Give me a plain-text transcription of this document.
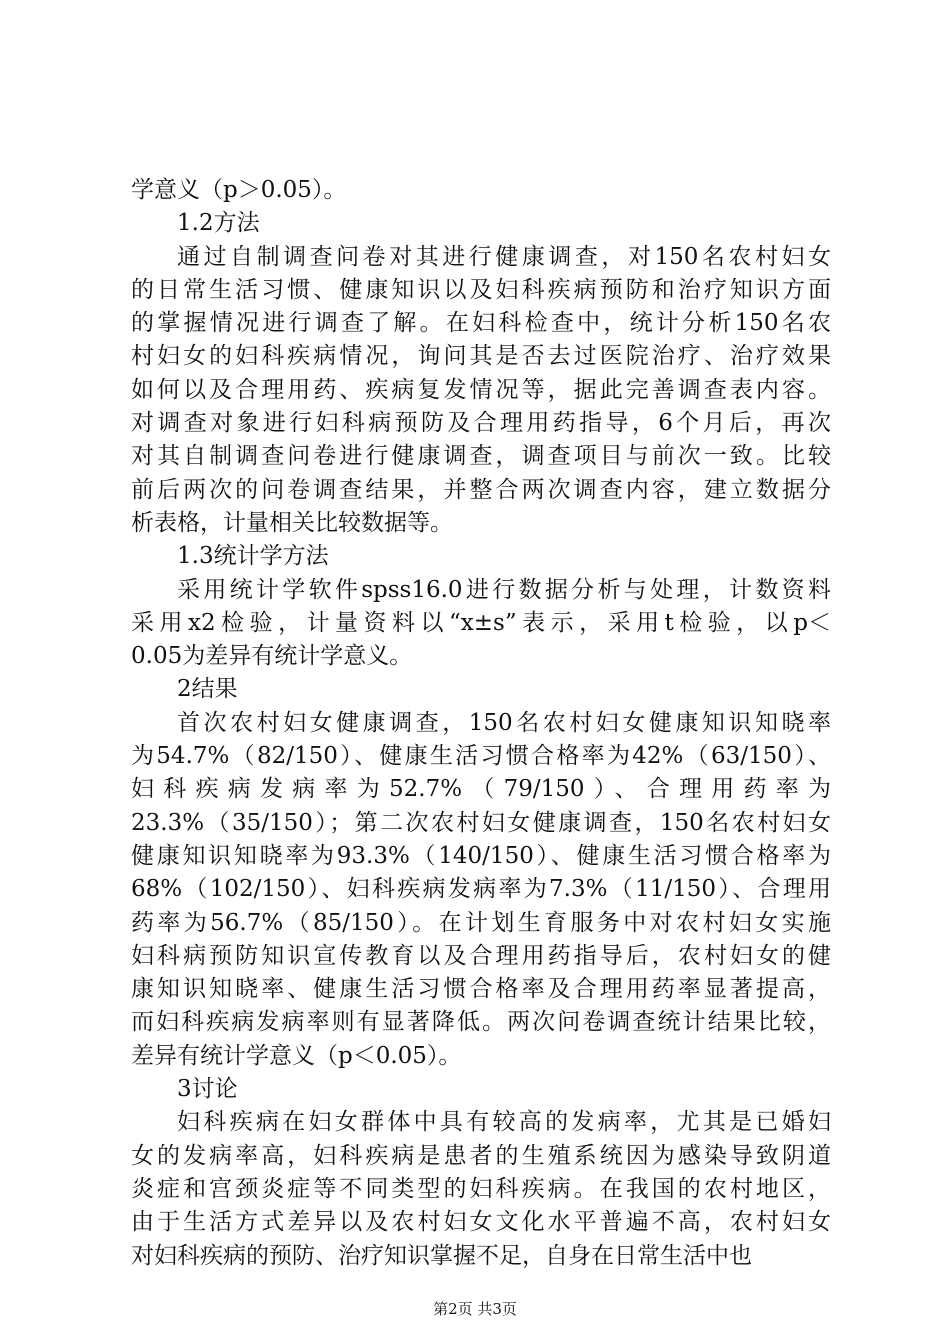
学意义（p＞0.05）。
1.2方法
通过自制调查问卷对其进行健康调查，对150名农村妇女
的日常生活习惯、健康知识以及妇科疾病预防和治疗知识方面
的掌握情况进行调查了解。在妇科检查中，统计分析150名农
村妇女的妇科疾病情况，询问其是否去过医院治疗、治疗效果
如何以及合理用药、疾病复发情况等，据此完善调查表内容。
对调查对象进行妇科病预防及合理用药指导，6个月后，再次
对其自制调查问卷进行健康调查，调查项目与前次一致。比较
前后两次的问卷调查结果，并整合两次调查内容，建立数据分
析表格，计量相关比较数据等。
1.3统计学方法
采用统计学软件spss16.0进行数据分析与处理，计数资料
采用x2检验，计量资料以“x±s”表示，采用t检验，以p＜
0.05为差异有统计学意义。
2结果
首次农村妇女健康调查，150名农村妇女健康知识知晓率
为54.7%（82/150）、健康生活习惯合格率为42%（63/150）、
妇科疾病发病率为52.7%（79/150）、合理用药率为
23.3%（35/150）；第二次农村妇女健康调查，150名农村妇女
健康知识知晓率为93.3%（140/150）、健康生活习惯合格率为
68%（102/150）、妇科疾病发病率为7.3%（11/150）、合理用
药率为56.7%（85/150）。在计划生育服务中对农村妇女实施
妇科病预防知识宣传教育以及合理用药指导后，农村妇女的健
康知识知晓率、健康生活习惯合格率及合理用药率显著提高，
而妇科疾病发病率则有显著降低。两次问卷调查统计结果比较，
差异有统计学意义（p＜0.05）。
3讨论
妇科疾病在妇女群体中具有较高的发病率，尤其是已婚妇
女的发病率高，妇科疾病是患者的生殖系统因为感染导致阴道
炎症和宫颈炎症等不同类型的妇科疾病。在我国的农村地区，
由于生活方式差异以及农村妇女文化水平普遍不高，农村妇女
对妇科疾病的预防、治疗知识掌握不足，自身在日常生活中也
第2页 共3页
